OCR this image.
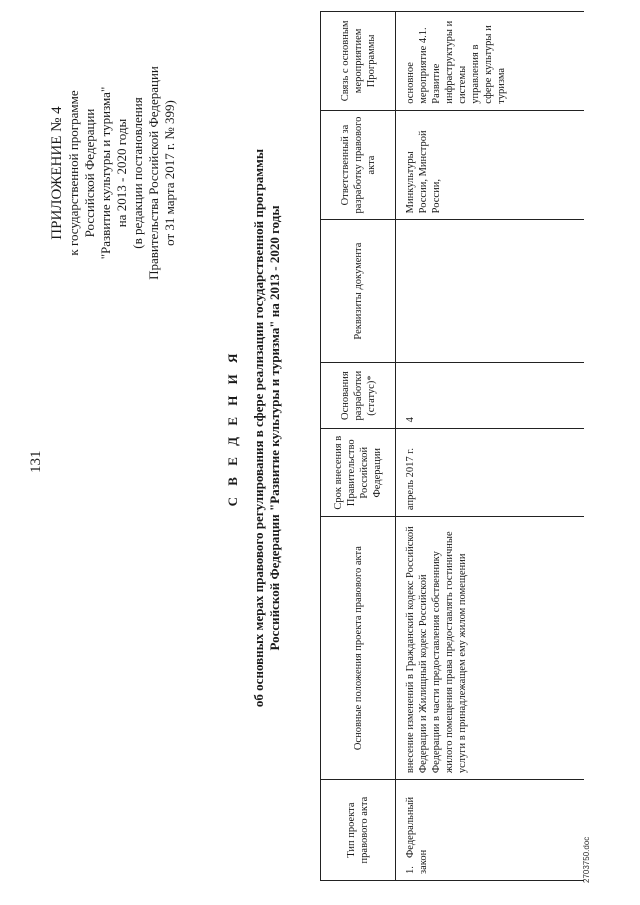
131
ПРИЛОЖЕНИЕ № 4 к государственной программе Российской Федерации "Развитие культуры и туризма" на 2013 - 2020 годы (в редакции постановления Правительства Российской Федерации от 31 марта 2017 г. № 399)
С В Е Д Е Н И Я об основных мерах правового регулирования в сфере реализации государственной программы Российской Федерации "Развитие культуры и туризма" на 2013 - 2020 годы
Тип проекта правового акта	Основные положения проекта правового акта	Срок внесения в Правительство Российской Федерации	Основания разработки (статус)*	Реквизиты документа	Ответственный за разработку правового акта	Связь с основным мероприятием Программы
1.Федеральный закон	внесение изменений в Гражданский кодекс Российской Федерации и Жилищный кодекс Российской Федерации в части предоставления собственнику жилого помещения права предоставлять гостиничные услуги в принадлежащем ему жилом помещении	апрель 2017 г.	4		Минкультуры России, Минстрой России,	основное мероприятие 4.1. Развитие инфраструктуры и системы управления в сфере культуры и туризма
2703750.doc
